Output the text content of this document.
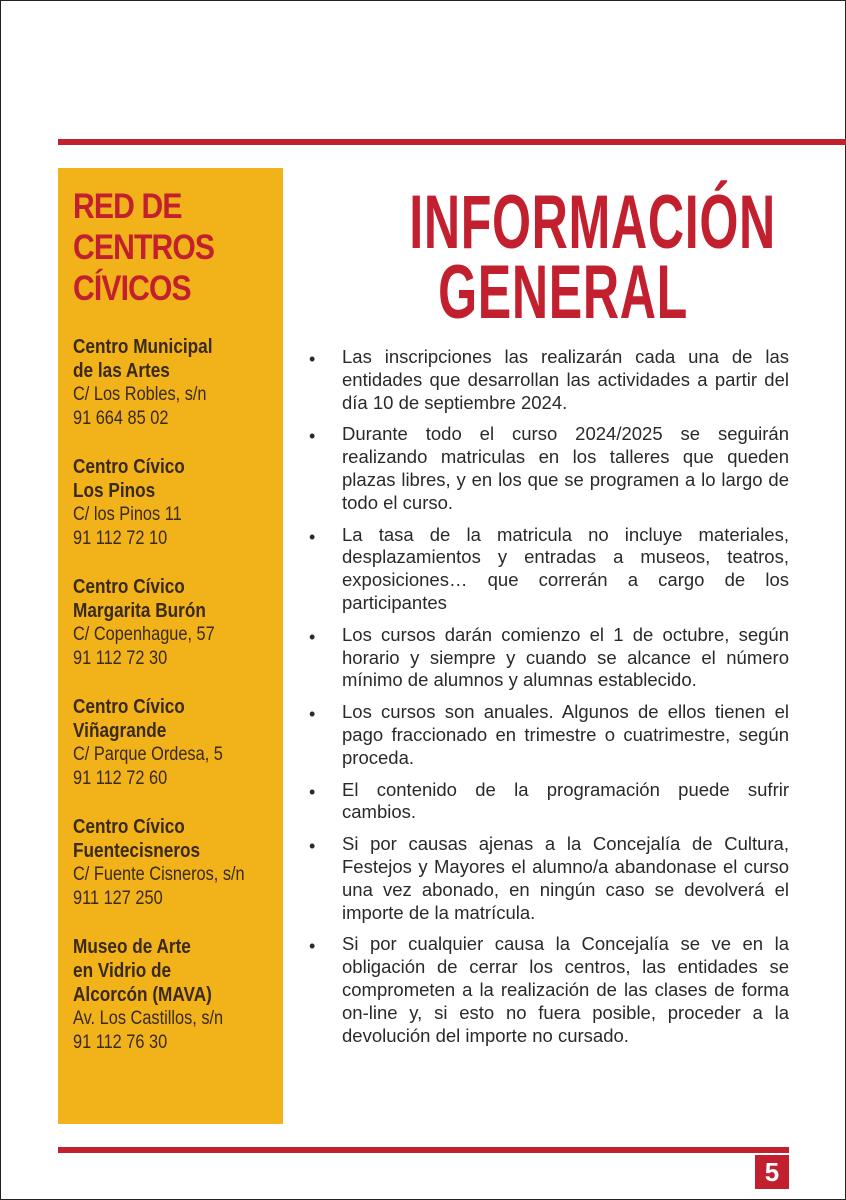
RED DE
CENTROS
CÍVICOS
Centro Municipal
de las Artes
C/ Los Robles, s/n
91 664 85 02
Centro Cívico
Los Pinos
C/ los Pinos 11
91 112 72 10
Centro Cívico
Margarita Burón
C/ Copenhague, 57
91 112 72 30
Centro Cívico
Viñagrande
C/ Parque Ordesa, 5
91 112 72 60
Centro Cívico
Fuentecisneros
C/ Fuente Cisneros, s/n
911 127 250
Museo de Arte
en Vidrio de
Alcorcón (MAVA)
Av. Los Castillos, s/n
91 112 76 30
INFORMACIÓN
GENERAL
• Las inscripciones las realizarán cada una de las entidades que desarrollan las actividades a partir del día 10 de septiembre 2024.
• Durante todo el curso 2024/2025 se seguirán realizando matriculas en los talleres que queden plazas libres, y en los que se programen a lo largo de todo el curso.
• La tasa de la matricula no incluye materiales, desplazamientos y entradas a museos, teatros, exposiciones… que correrán a cargo de los participantes
• Los cursos darán comienzo el 1 de octubre, según horario y siempre y cuando se alcance el número mínimo de alumnos y alumnas establecido.
• Los cursos son anuales. Algunos de ellos tienen el pago fraccionado en trimestre o cuatrimestre, según proceda.
• El contenido de la programación puede sufrir cambios.
• Si por causas ajenas a la Concejalía de Cultura, Festejos y Mayores el alumno/a abandonase el curso una vez abonado, en ningún caso se devolverá el importe de la matrícula.
• Si por cualquier causa la Concejalía se ve en la obligación de cerrar los centros, las entidades se comprometen a la realización de las clases de forma on-line y, si esto no fuera posible, proceder a la devolución del importe no cursado.
5
